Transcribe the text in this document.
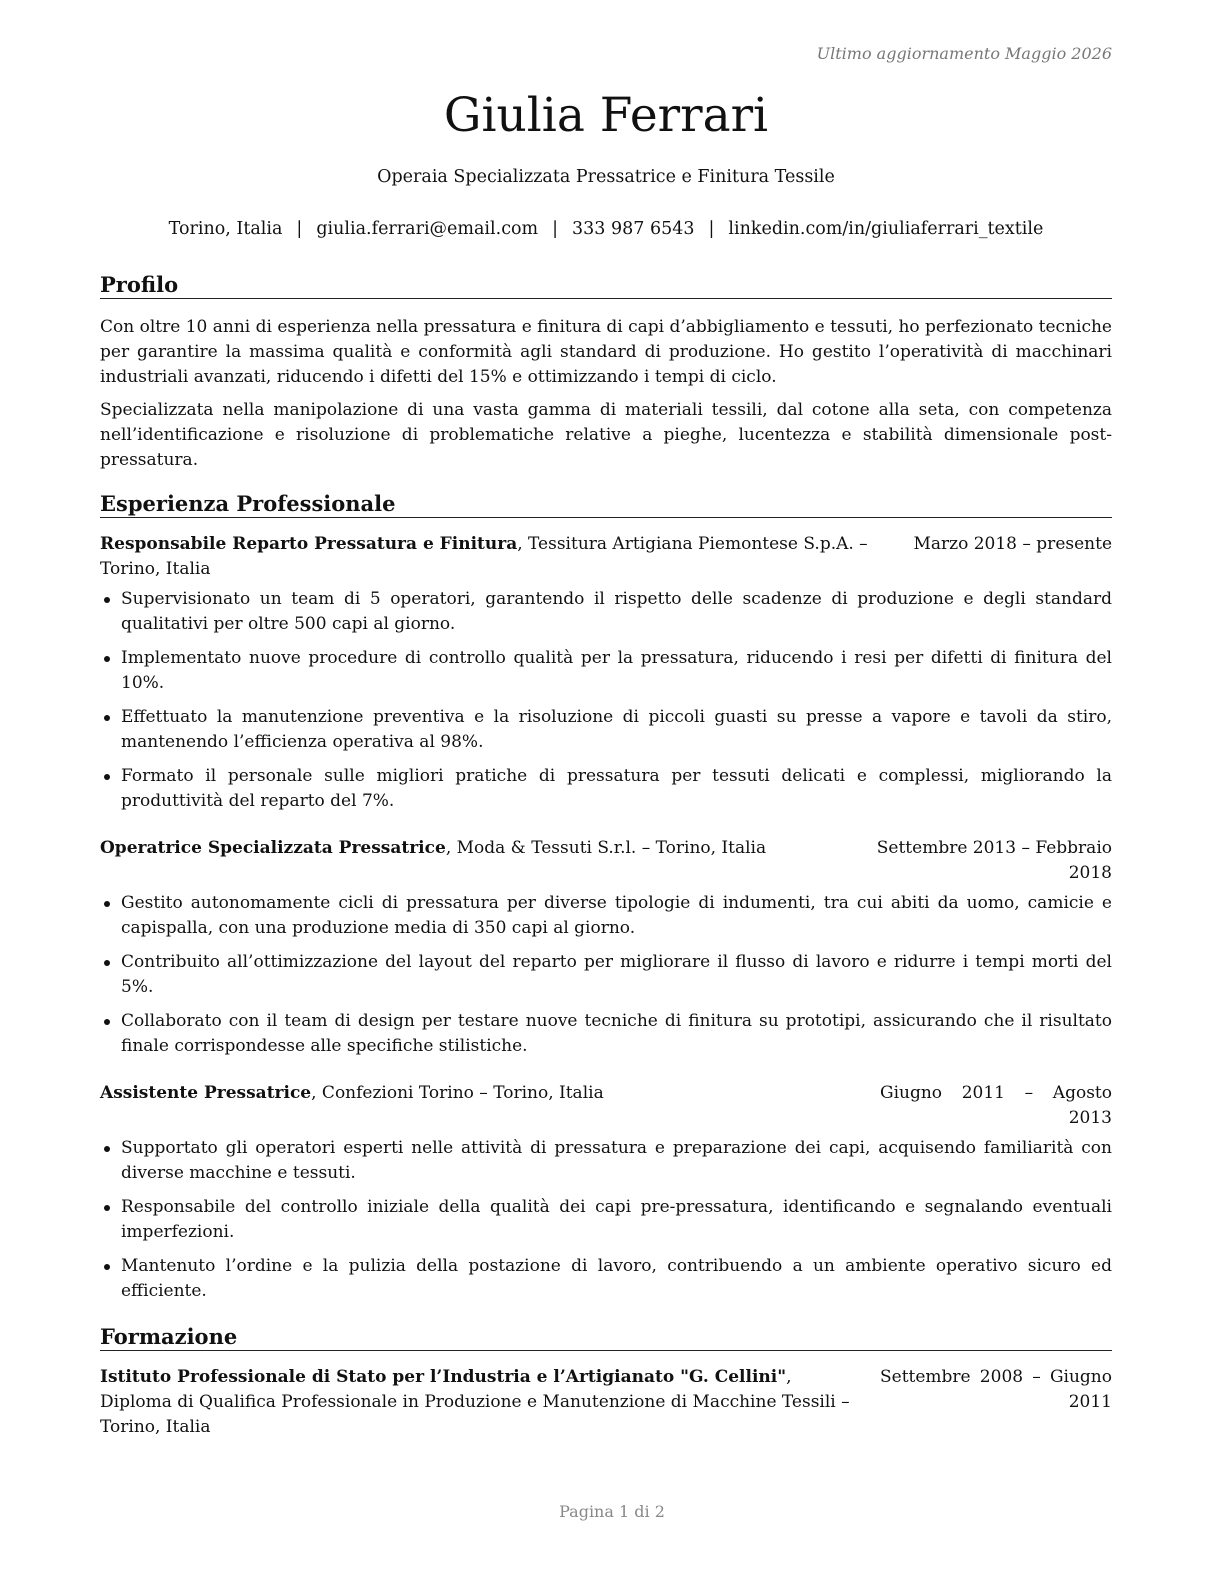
Ultimo aggiornamento Maggio 2026
Giulia Ferrari
Operaia Specializzata Pressatrice e Finitura Tessile
Torino, Italia | giulia.ferrari@email.com | 333 987 6543 | linkedin.com/in/giuliaferrari_textile
Profilo

Con oltre 10 anni di esperienza nella pressatura e finitura di capi d’abbigliamento e tessuti, ho perfezionato tecniche per garantire la massima qualità e conformità agli standard di produzione. Ho gestito l’operatività di macchinari industriali avanzati, riducendo i difetti del 15% e ottimizzando i tempi di ciclo.

Specializzata nella manipolazione di una vasta gamma di materiali tessili, dal cotone alla seta, con competenza nell’identificazione e risoluzione di problematiche relative a pieghe, lucentezza e stabilità dimensionale post-pressatura.

Esperienza Professionale
Responsabile Reparto Pressatura e Finitura, Tessitura Artigiana Piemontese S.p.A. – Torino, Italia
Marzo 2018 – presente
Supervisionato un team di 5 operatori, garantendo il rispetto delle scadenze di produzione e degli standard qualitativi per oltre 500 capi al giorno.
Implementato nuove procedure di controllo qualità per la pressatura, riducendo i resi per difetti di finitura del 10%.
Effettuato la manutenzione preventiva e la risoluzione di piccoli guasti su presse a vapore e tavoli da stiro, mantenendo l’efficienza operativa al 98%.
Formato il personale sulle migliori pratiche di pressatura per tessuti delicati e complessi, migliorando la produttività del reparto del 7%.
Operatrice Specializzata Pressatrice, Moda & Tessuti S.r.l. – Torino, Italia	Settembre 2013 – Febbraio 2018
Gestito autonomamente cicli di pressatura per diverse tipologie di indumenti, tra cui abiti da uomo, camicie e capispalla, con una produzione media di 350 capi al giorno.
Contribuito all’ottimizzazione del layout del reparto per migliorare il flusso di lavoro e ridurre i tempi morti del 5%.
Collaborato con il team di design per testare nuove tecniche di finitura su prototipi, assicurando che il risultato finale corrispondesse alle specifiche stilistiche.
Assistente Pressatrice, Confezioni Torino – Torino, Italia	Giugno 2011 – Agosto 2013
Supportato gli operatori esperti nelle attività di pressatura e preparazione dei capi, acquisendo familiarità con diverse macchine e tessuti.
Responsabile del controllo iniziale della qualità dei capi pre-pressatura, identificando e segnalando eventuali imperfezioni.
Mantenuto l’ordine e la pulizia della postazione di lavoro, contribuendo a un ambiente operativo sicuro ed efficiente.
Formazione
Istituto Professionale di Stato per l’Industria e l’Artigianato "G. Cellini", Diploma di Qualifica Professionale in Produzione e Manutenzione di Macchine Tessili – Torino, Italia
Settembre 2008 – Giugno 2011
Pagina 1 di 2
